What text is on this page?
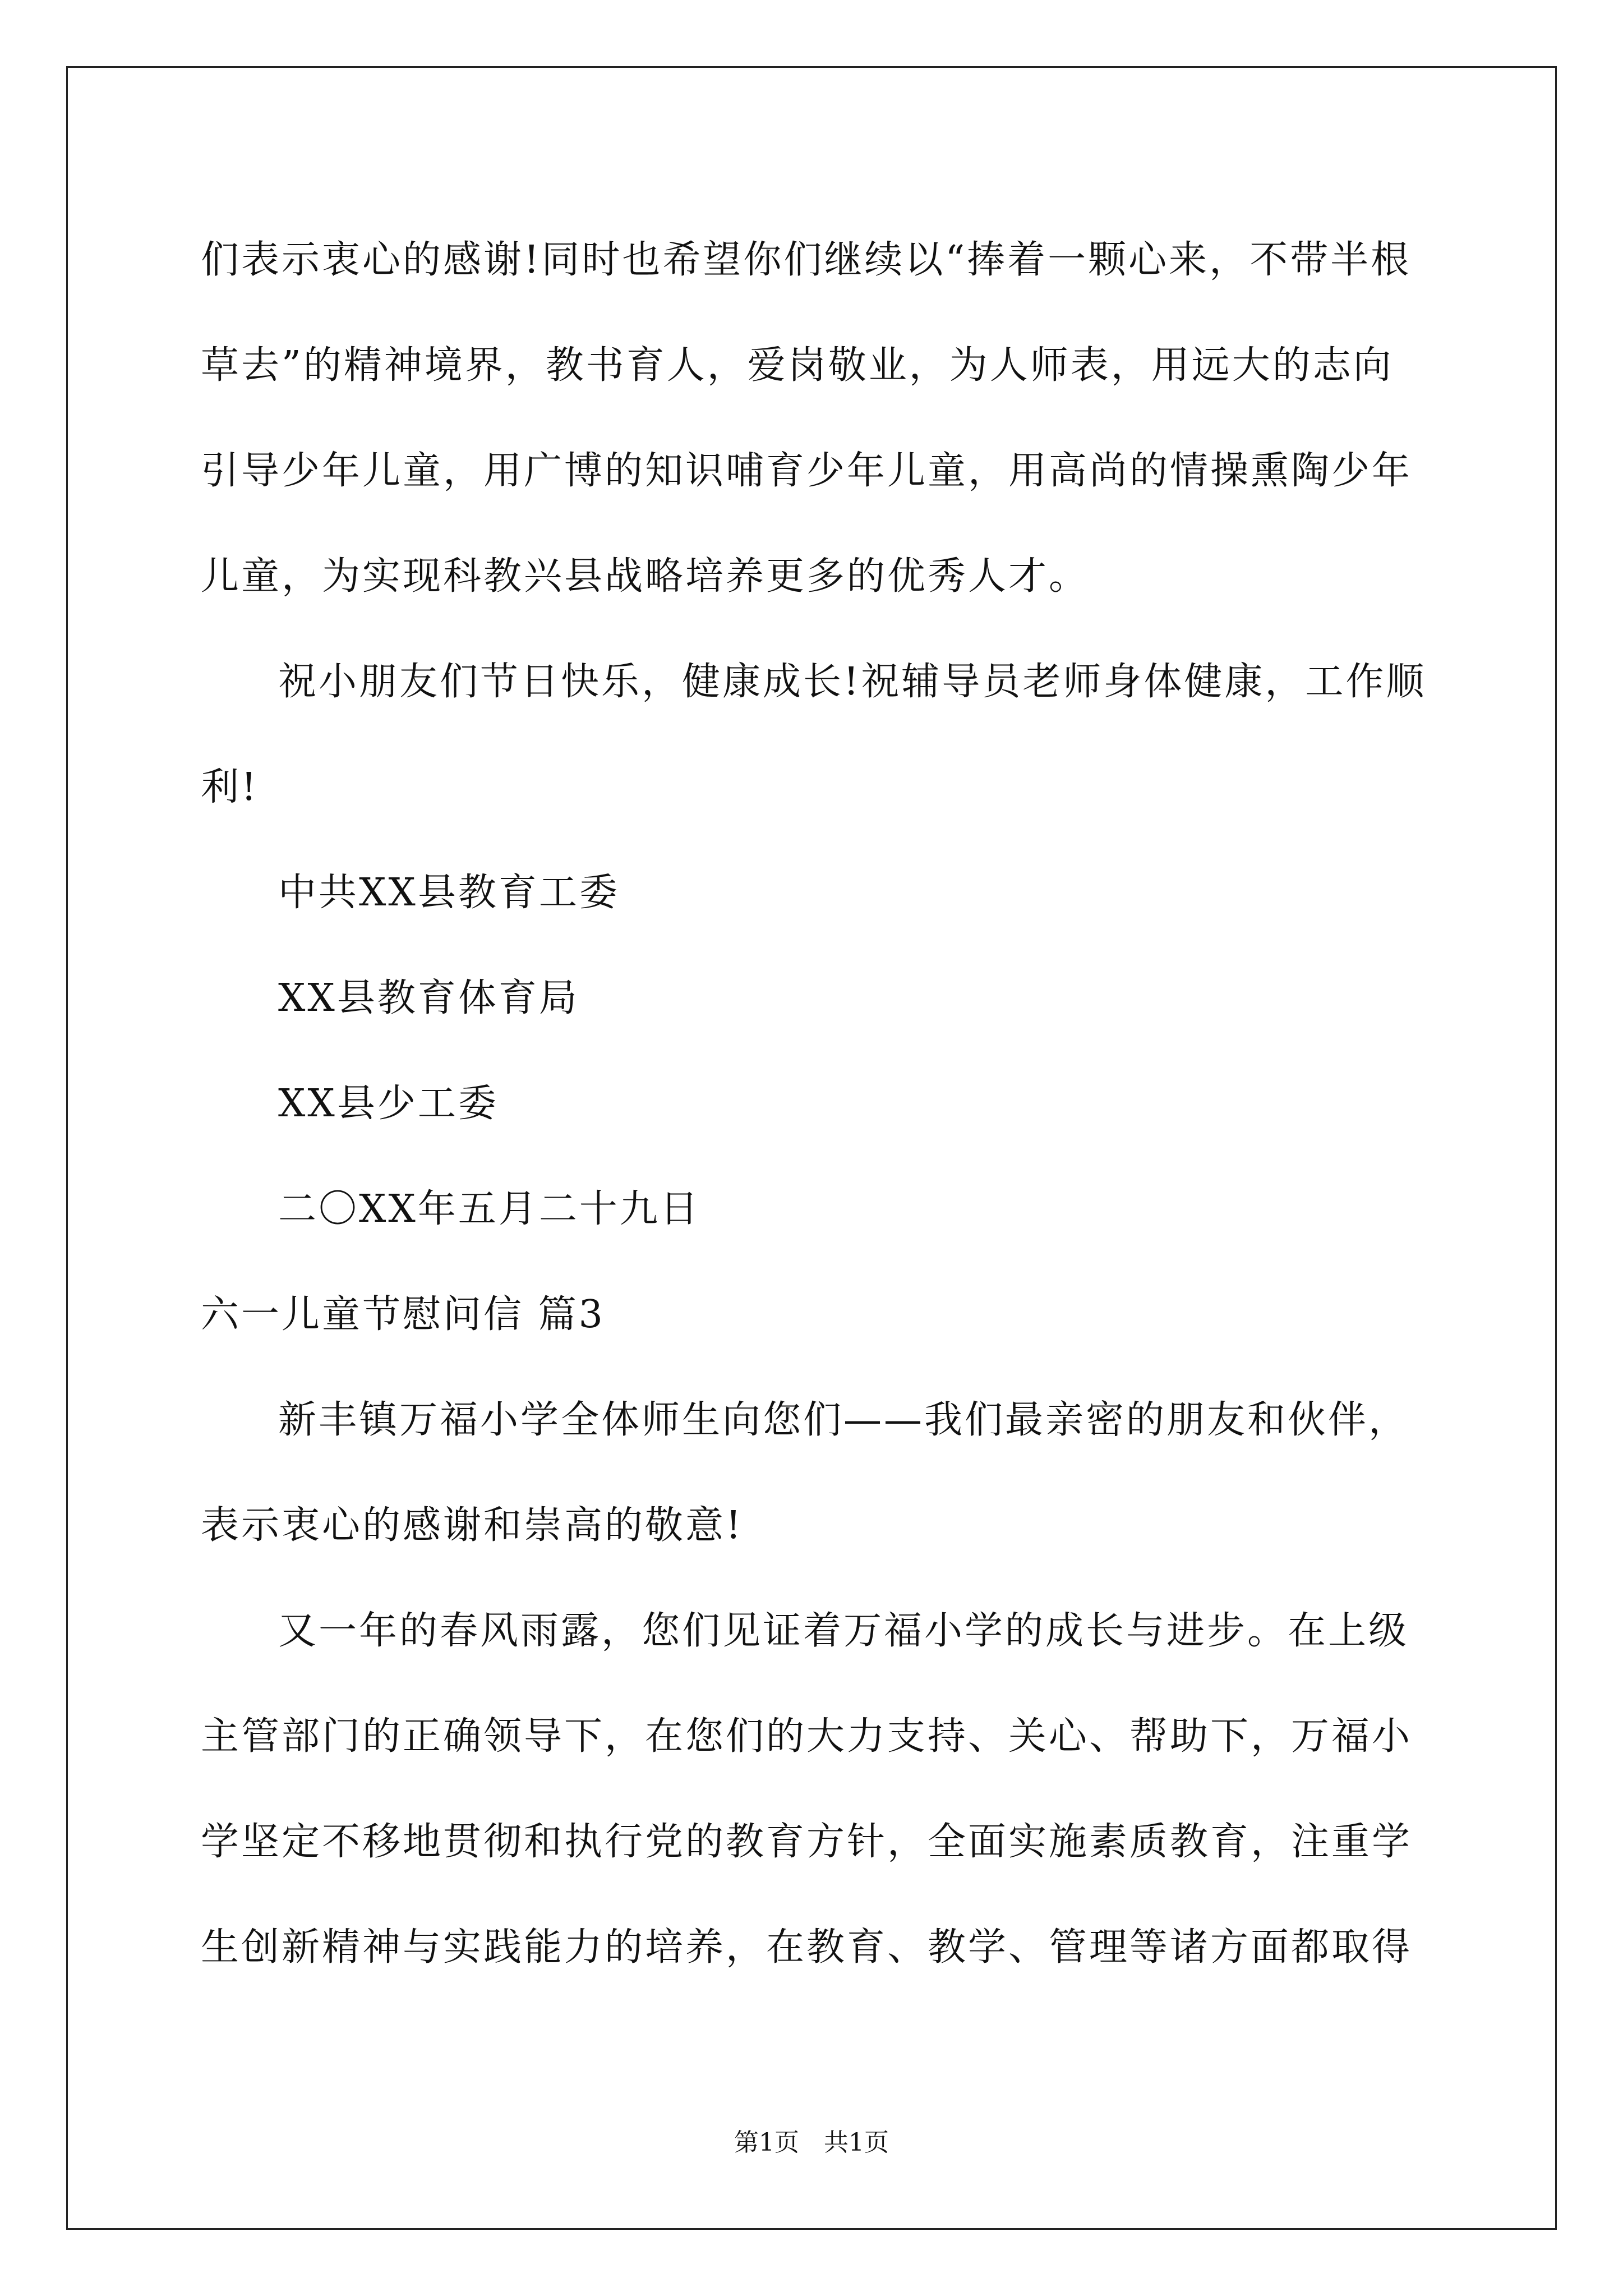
们表示衷心的感谢!同时也希望你们继续以“捧着一颗心来，不带半根
草去”的精神境界，教书育人，爱岗敬业，为人师表，用远大的志向
引导少年儿童，用广博的知识哺育少年儿童，用高尚的情操熏陶少年
儿童，为实现科教兴县战略培养更多的优秀人才。
祝小朋友们节日快乐，健康成长!祝辅导员老师身体健康，工作顺
利!
中共XX县教育工委
XX县教育体育局
XX县少工委
二〇XX年五月二十九日
六一儿童节慰问信 篇3
新丰镇万福小学全体师生向您们——我们最亲密的朋友和伙伴，
表示衷心的感谢和崇高的敬意!
又一年的春风雨露，您们见证着万福小学的成长与进步。在上级
主管部门的正确领导下，在您们的大力支持、关心、帮助下，万福小
学坚定不移地贯彻和执行党的教育方针，全面实施素质教育，注重学
生创新精神与实践能力的培养，在教育、教学、管理等诸方面都取得
第1页　共1页
